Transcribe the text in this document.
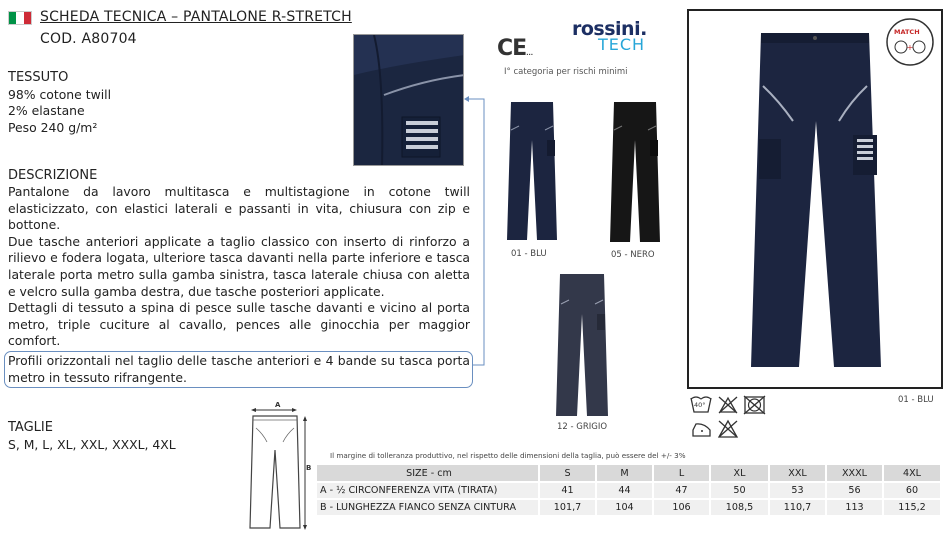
SCHEDA TECNICA – PANTALONE R-STRETCH
COD. A80704
TESSUTO
98% cotone twill
2% elastane
Peso 240 g/m²
DESCRIZIONE

Pantalone da lavoro multitasca e multistagione in cotone twill elasticizzato, con elastici laterali e passanti in vita, chiusura con zip e bottone.

Due tasche anteriori applicate a taglio classico con inserto di rinforzo a rilievo e fodera logata, ulteriore tasca davanti nella parte inferiore e tasca laterale porta metro sulla gamba sinistra, tasca laterale chiusa con aletta e velcro sulla gamba destra, due tasche posteriori applicate.

Dettagli di tessuto a spina di pesce sulle tasche davanti e vicino al porta metro, triple cuciture al cavallo, pences alle ginocchia per maggior comfort.

Profili orizzontali nel taglio delle tasche anteriori e 4 bande su tasca porta metro in tessuto rifrangente.
CE...
rossini.
TECH
I° categoria per rischi minimi
01 - BLU	05 - NERO
12 - GRIGIO
01 - BLU
+
MATCH
40°
TAGLIE
S, M, L, XL, XXL, XXXL, 4XL
A
B
Il margine di tolleranza produttivo, nel rispetto delle dimensioni della taglia, può essere del +/- 3%
SIZE - cm	S	M	L	XL	XXL	XXXL	4XL
A - ½ CIRCONFERENZA VITA (TIRATA)	41	44	47	50	53	56	60
B - LUNGHEZZA FIANCO SENZA CINTURA	101,7	104	106	108,5	110,7	113	115,2
